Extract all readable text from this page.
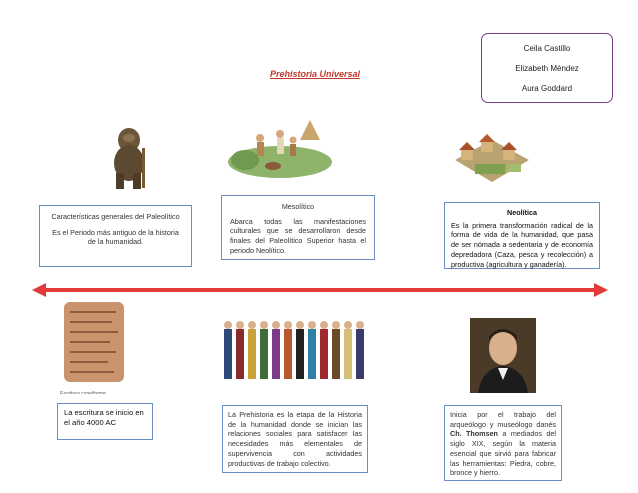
Ceila Castillo
Elizabeth Méndez
Aura Goddard
Prehistoria Universal

Características generales del Paleolítico

Es el Periodo más antiguo de la historia de la humanidad.

Mesolítico

Abarca todas las manifestaciones culturales que se desarrollaron desde finales del Paleolítico Superior hasta el periodo Neolítico.

Neolítica

Es la primera transformación radical de la forma de vida de la humanidad, que pasa de ser nómada a sedentaria y de economía depredadora (Caza, pesca y recolección) a productiva (agricultura y ganadería).

Escritura cuneiforme

La escritura se inicio en el año 4000 AC

La Prehistoria es la etapa de la Historia de la humanidad donde se inician las relaciones sociales para satisfacer las necesidades más elementales de supervivencia con actividades productivas de trabajo colectivo.

Inicia por el trabajo del arqueólogo y museólogo danés Ch. Thomsen a mediados del siglo XIX, según la materia esencial que sirvió para fabricar las herramientas: Piedra, cobre, bronce y hierro.
